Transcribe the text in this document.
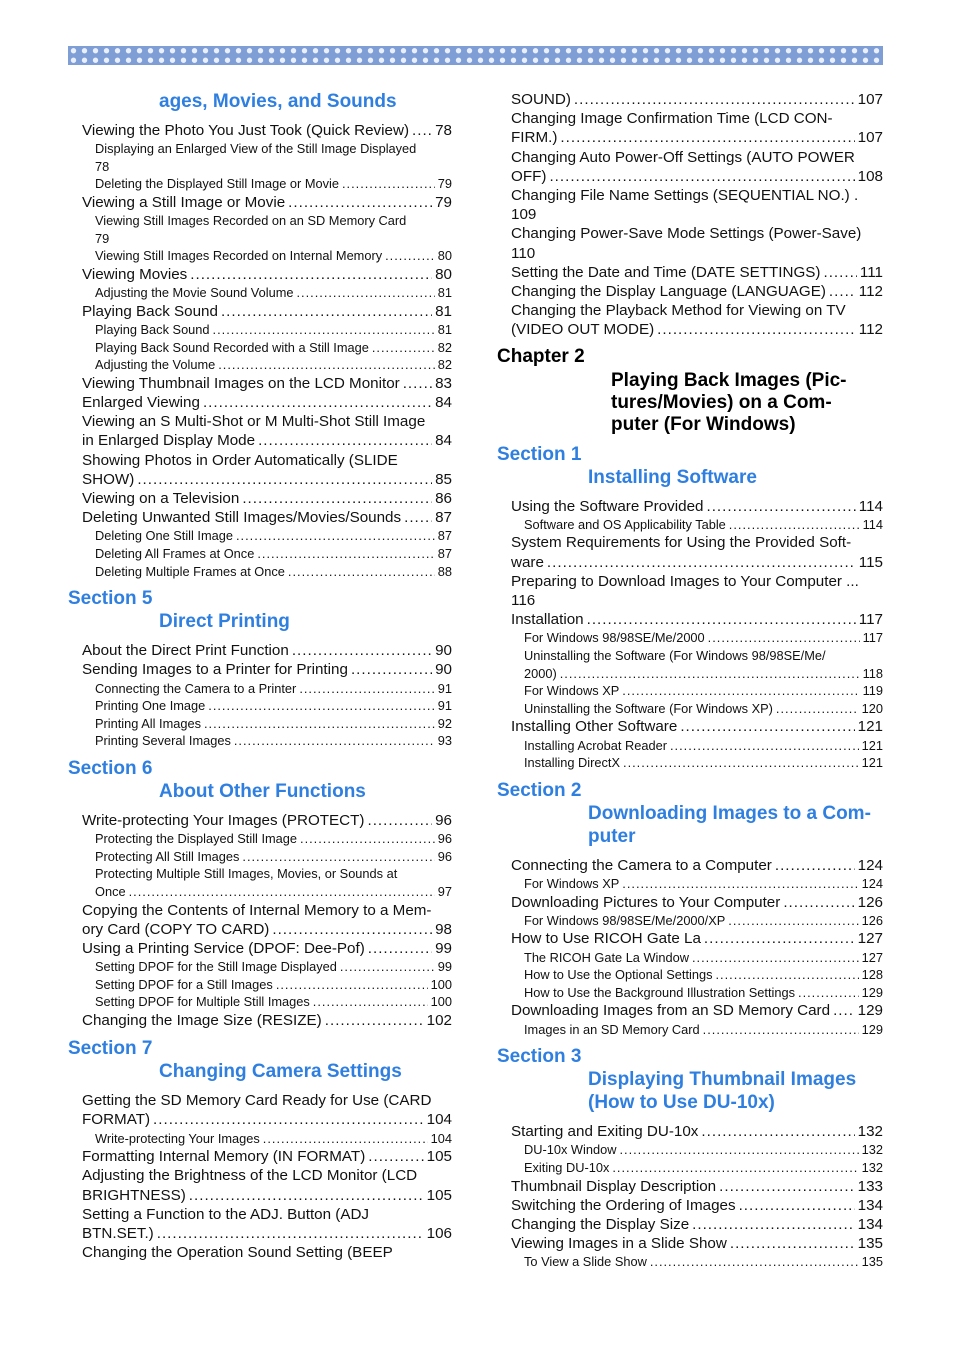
ages, Movies, and Sounds
Viewing the Photo You Just Took (Quick Review) ..... 78
Displaying an Enlarged View of the Still Image Displayed
78
Deleting the Displayed Still Image or Movie .....	79
Viewing a Still Image or Movie .....	79
Viewing Still Images Recorded on an SD Memory Card
79
Viewing Still Images Recorded on Internal Memory .....	80
Viewing Movies .....	80
Adjusting the Movie Sound Volume .....	81
Playing Back Sound .....	81
Playing Back Sound .....	81
Playing Back Sound Recorded with a Still Image .....	82
Adjusting the Volume .....	82
Viewing Thumbnail Images on the LCD Monitor ..... 83
Enlarged Viewing .....	84
Viewing an S Multi-Shot or M Multi-Shot Still Image
in Enlarged Display Mode .....	84
Showing Photos in Order Automatically (SLIDE
SHOW) .....	85
Viewing on a Television .....	86
Deleting Unwanted Still Images/Movies/Sounds ..... 87
Deleting One Still Image .....	87
Deleting All Frames at Once .....	87
Deleting Multiple Frames at Once .....	88
Section 5
Direct Printing
About the Direct Print Function .....	90
Sending Images to a Printer for Printing .....	90
Connecting the Camera to a Printer .....	91
Printing One Image .....	91
Printing All Images .....	92
Printing Several Images .....	93
Section 6
About Other Functions
Write-protecting Your Images (PROTECT) .....	96
Protecting the Displayed Still Image .....	96
Protecting All Still Images .....	96
Protecting Multiple Still Images, Movies, or Sounds at
Once .....	97
Copying the Contents of Internal Memory to a Mem-
ory Card (COPY TO CARD) .....	98
Using a Printing Service (DPOF: Dee-Pof) .....	99
Setting DPOF for the Still Image Displayed .....	99
Setting DPOF for a Still Images .....	100
Setting DPOF for Multiple Still Images .....	100
Changing the Image Size (RESIZE) .....	102
Section 7
Changing Camera Settings
Getting the SD Memory Card Ready for Use (CARD
FORMAT) .....	104
Write-protecting Your Images .....	104
Formatting Internal Memory (IN FORMAT) .....	105
Adjusting the Brightness of the LCD Monitor (LCD
BRIGHTNESS) .....	105
Setting a Function to the ADJ. Button (ADJ
BTN.SET.) .....	106
Changing the Operation Sound Setting (BEEP
SOUND) .....	107
Changing Image Confirmation Time (LCD CON-
FIRM.) .....	107
Changing Auto Power-Off Settings (AUTO POWER
OFF) .....	108
Changing File Name Settings (SEQUENTIAL NO.) .
109
Changing Power-Save Mode Settings (Power-Save)
110
Setting the Date and Time (DATE SETTINGS) .....	111
Changing the Display Language (LANGUAGE) ..... 112
Changing the Playback Method for Viewing on TV
(VIDEO OUT MODE) .....	112
Chapter 2
Playing Back Images (Pic-
tures/Movies) on a Com-
puter (For Windows)
Section 1
Installing Software
Using the Software Provided .....	114
Software and OS Applicability Table .....	114
System Requirements for Using the Provided Soft-
ware .....	115
Preparing to Download Images to Your Computer ...
116
Installation .....	117
For Windows 98/98SE/Me/2000 .....	117
Uninstalling the Software (For Windows 98/98SE/Me/
2000) .....	118
For Windows XP .....	119
Uninstalling the Software (For Windows XP) .....	120
Installing Other Software .....	121
Installing Acrobat Reader .....	121
Installing DirectX .....	121
Section 2
Downloading Images to a Com-
puter
Connecting the Camera to a Computer .....	124
For Windows XP .....	124
Downloading Pictures to Your Computer .....	126
For Windows 98/98SE/Me/2000/XP .....	126
How to Use RICOH Gate La .....	127
The RICOH Gate La Window .....	127
How to Use the Optional Settings .....	128
How to Use the Background Illustration Settings .....	129
Downloading Images from an SD Memory Card ..... 129
Images in an SD Memory Card .....	129
Section 3
Displaying Thumbnail Images
(How to Use DU-10x)
Starting and Exiting DU-10x .....	132
DU-10x Window .....	132
Exiting DU-10x .....	132
Thumbnail Display Description .....	133
Switching the Ordering of Images .....	134
Changing the Display Size .....	134
Viewing Images in a Slide Show .....	135
To View a Slide Show .....	135
